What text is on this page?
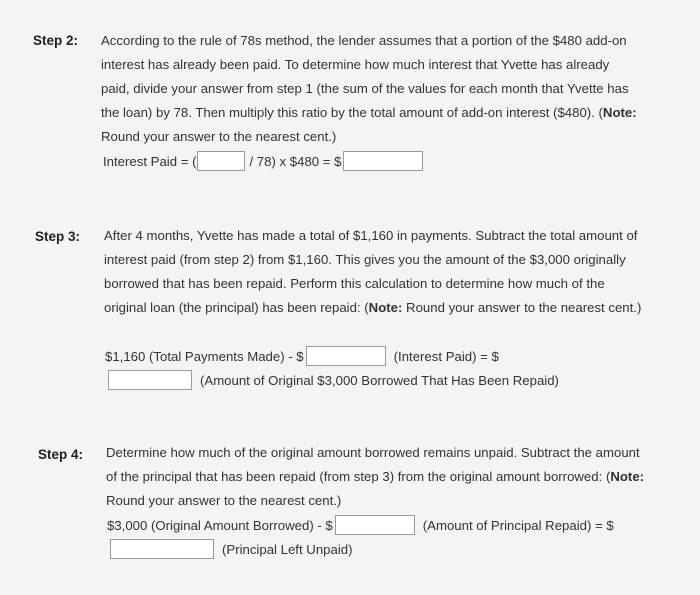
Step 2: According to the rule of 78s method, the lender assumes that a portion of the $480 add-on interest has already been paid. To determine how much interest that Yvette has already paid, divide your answer from step 1 (the sum of the values for each month that Yvette has the loan) by 78. Then multiply this ratio by the total amount of add-on interest ($480). (Note: Round your answer to the nearest cent.)

Interest Paid = (	/ 78) x $480 = $
Step 3: After 4 months, Yvette has made a total of $1,160 in payments. Subtract the total amount of interest paid (from step 2) from $1,160. This gives you the amount of the $3,000 originally borrowed that has been repaid. Perform this calculation to determine how much of the original loan (the principal) has been repaid: (Note: Round your answer to the nearest cent.)

$1,160 (Total Payments Made) - $	(Interest Paid) = $
(Amount of Original $3,000 Borrowed That Has Been Repaid)
Step 4: Determine how much of the original amount borrowed remains unpaid. Subtract the amount of the principal that has been repaid (from step 3) from the original amount borrowed: (Note: Round your answer to the nearest cent.)

$3,000 (Original Amount Borrowed) - $	(Amount of Principal Repaid) = $
(Principal Left Unpaid)
